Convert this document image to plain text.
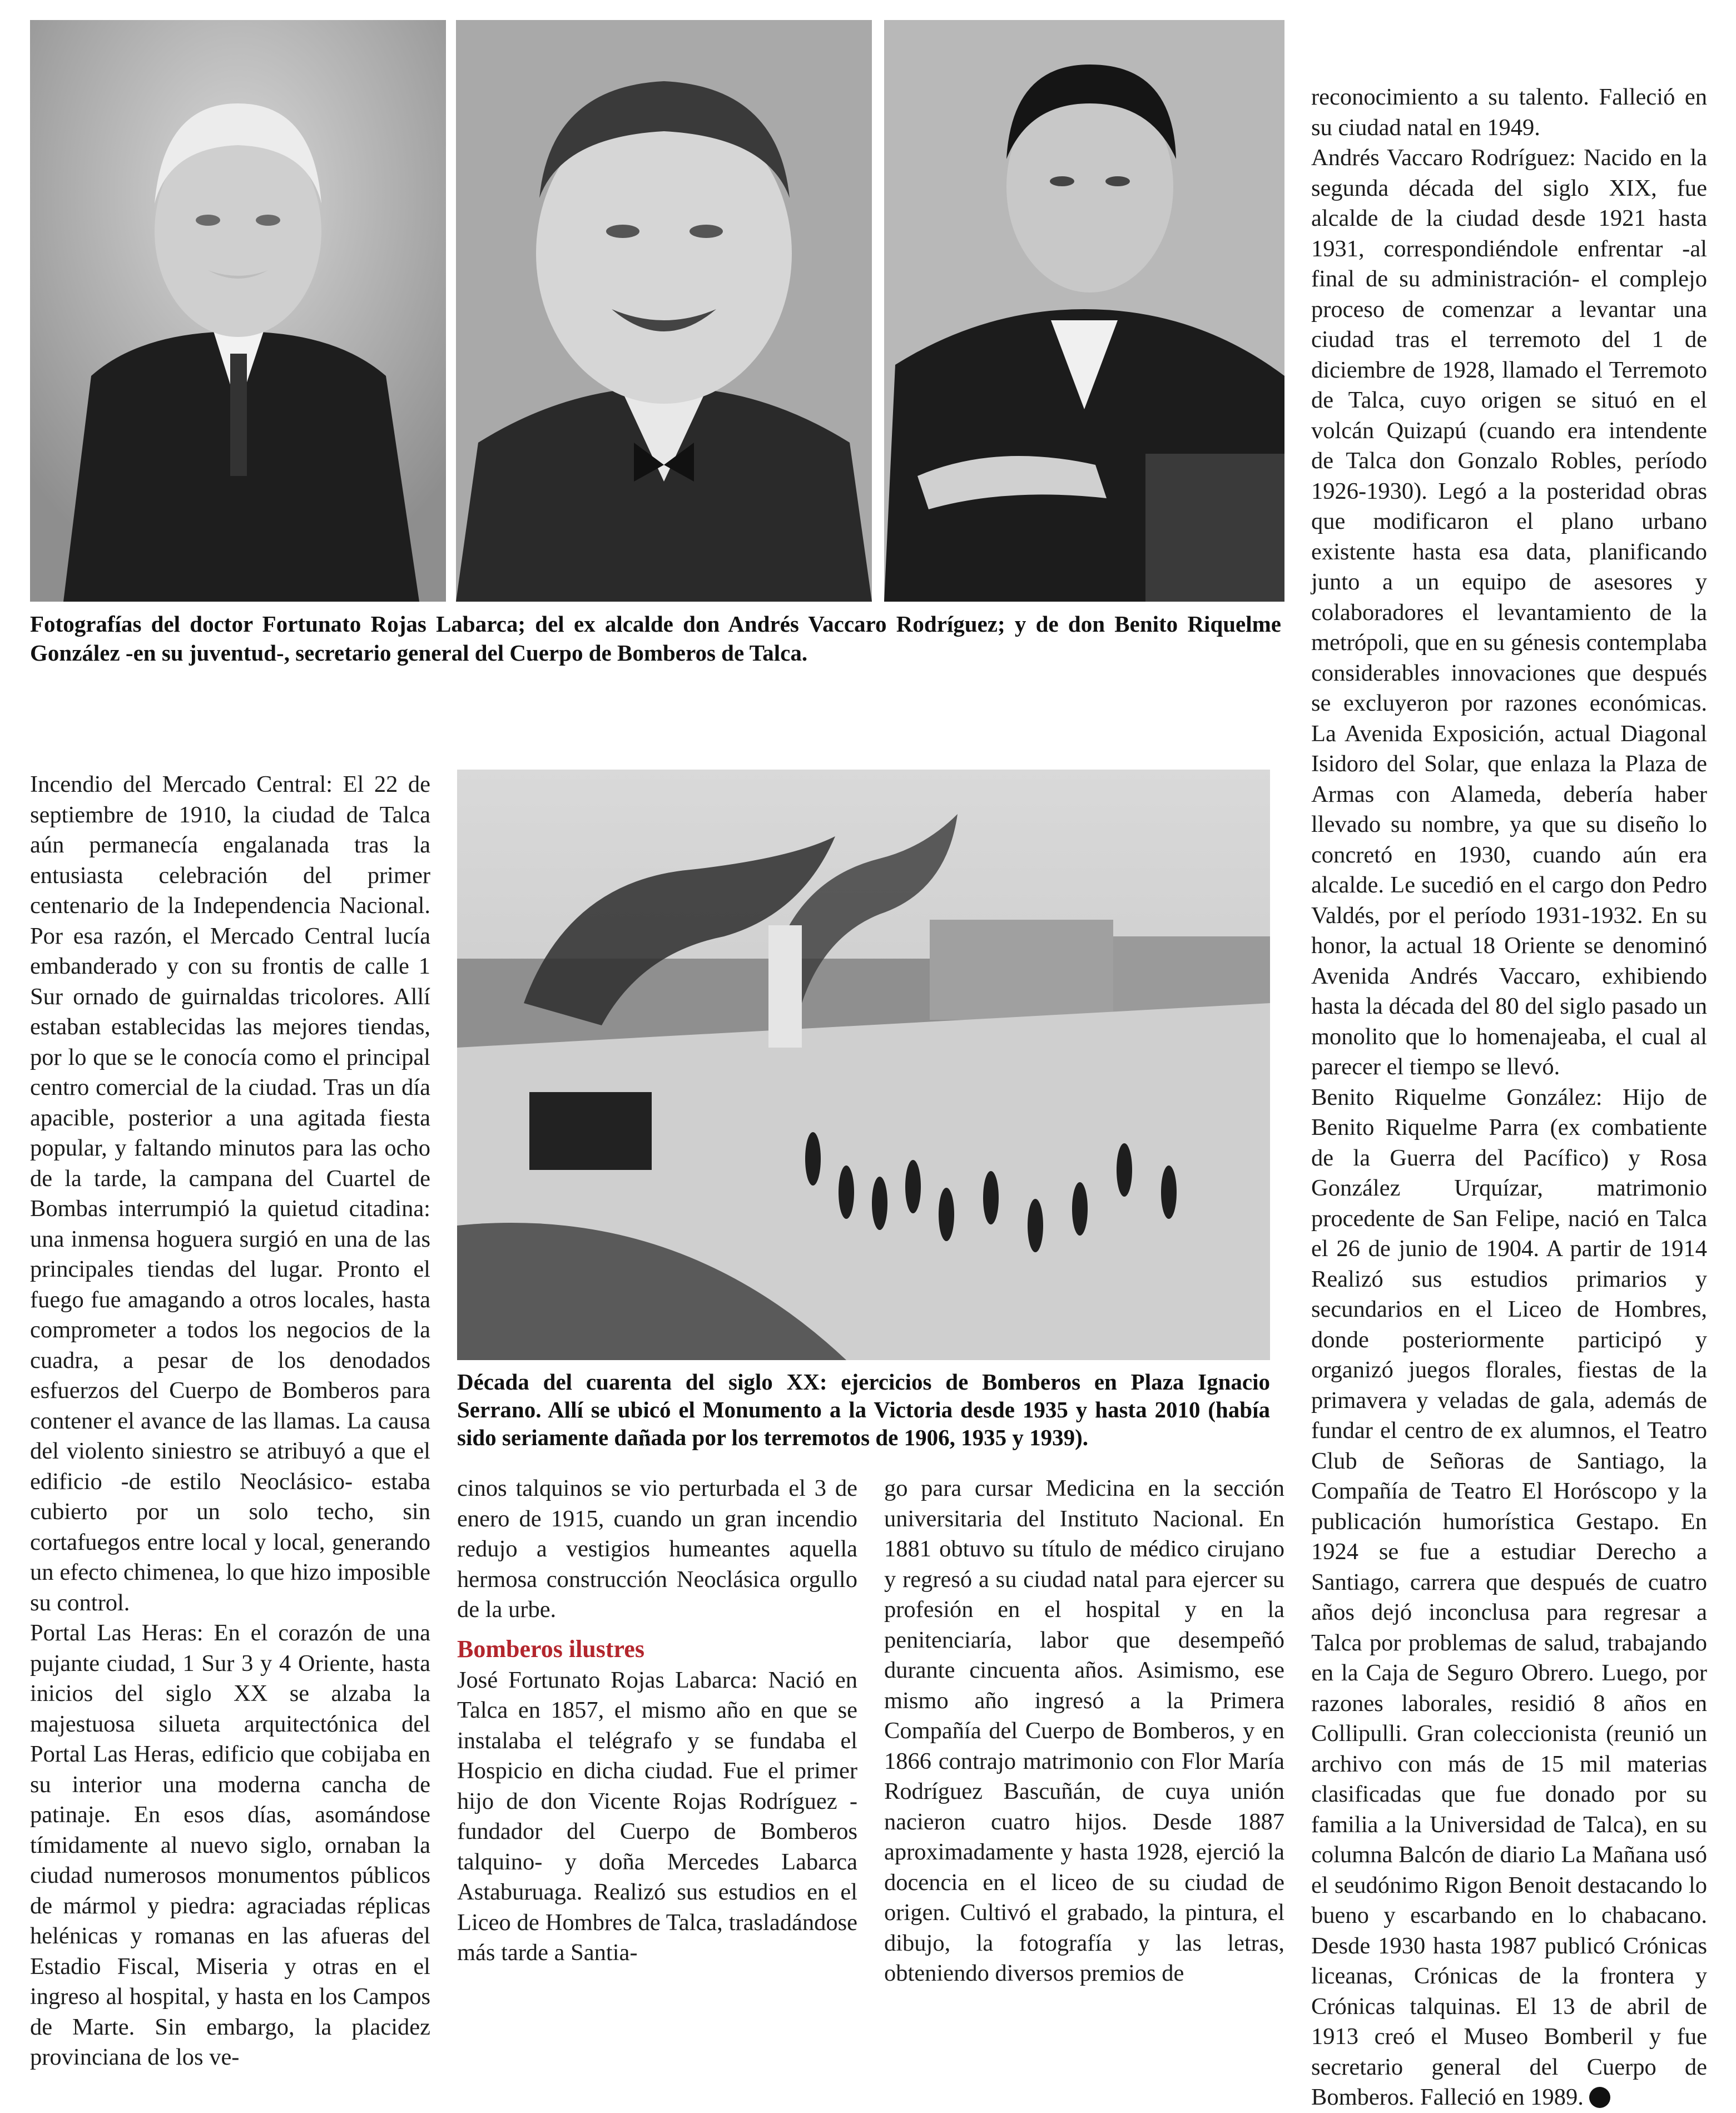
Fotografías del doctor Fortunato Rojas Labarca; del ex alcalde don Andrés Vaccaro Rodríguez; y de don Benito Riquelme González -en su juventud-, secretario general del Cuerpo de Bomberos de Talca.

Década del cuarenta del siglo XX: ejercicios de Bomberos en Plaza Ignacio Serrano. Allí se ubicó el Monumento a la Victoria desde 1935 y hasta 2010 (había sido seriamente dañada por los terremotos de 1906, 1935 y 1939).

Incendio del Mercado Central: El 22 de septiembre de 1910, la ciudad de Talca aún permanecía engalanada tras la entusiasta celebración del primer centenario de la Independencia Nacional. Por esa razón, el Mercado Central lucía embanderado y con su frontis de calle 1 Sur ornado de guirnaldas tricolores. Allí estaban establecidas las mejores tiendas, por lo que se le conocía como el principal centro comercial de la ciudad. Tras un día apacible, posterior a una agitada fiesta popular, y faltando minutos para las ocho de la tarde, la campana del Cuartel de Bombas interrumpió la quietud citadina: una inmensa hoguera surgió en una de las principales tiendas del lugar. Pronto el fuego fue amagando a otros locales, hasta comprometer a todos los negocios de la cuadra, a pesar de los denodados esfuerzos del Cuerpo de Bomberos para contener el avance de las llamas. La causa del violento siniestro se atribuyó a que el edificio -de estilo Neoclásico- estaba cubierto por un solo techo, sin cortafuegos entre local y local, generando un efecto chimenea, lo que hizo imposible su control.

Portal Las Heras: En el corazón de una pujante ciudad, 1 Sur 3 y 4 Oriente, hasta inicios del siglo XX se alzaba la majestuosa silueta arquitectónica del Portal Las Heras, edificio que cobijaba en su interior una moderna cancha de patinaje. En esos días, asomándose tímidamente al nuevo siglo, ornaban la ciudad numerosos monumentos públicos de mármol y piedra: agraciadas réplicas helénicas y romanas en las afueras del Estadio Fiscal, Miseria y otras en el ingreso al hospital, y hasta en los Campos de Marte. Sin embargo, la placidez provinciana de los ve-

cinos talquinos se vio perturbada el 3 de enero de 1915, cuando un gran incendio redujo a vestigios humeantes aquella hermosa construcción Neoclásica orgullo de la urbe.

Bomberos ilustres

José Fortunato Rojas Labarca: Nació en Talca en 1857, el mismo año en que se instalaba el telégrafo y se fundaba el Hospicio en dicha ciudad. Fue el primer hijo de don Vicente Rojas Rodríguez -fundador del Cuerpo de Bomberos talquino- y doña Mercedes Labarca Astaburuaga. Realizó sus estudios en el Liceo de Hombres de Talca, trasladándose más tarde a Santia-

go para cursar Medicina en la sección universitaria del Instituto Nacional. En 1881 obtuvo su título de médico cirujano y regresó a su ciudad natal para ejercer su profesión en el hospital y en la penitenciaría, labor que desempeñó durante cincuenta años. Asimismo, ese mismo año ingresó a la Primera Compañía del Cuerpo de Bomberos, y en 1866 contrajo matrimonio con Flor María Rodríguez Bascuñán, de cuya unión nacieron cuatro hijos. Desde 1887 aproximadamente y hasta 1928, ejerció la docencia en el liceo de su ciudad de origen. Cultivó el grabado, la pintura, el dibujo, la fotografía y las letras, obteniendo diversos premios de

reconocimiento a su talento. Falleció en su ciudad natal en 1949.

Andrés Vaccaro Rodríguez: Nacido en la segunda década del siglo XIX, fue alcalde de la ciudad desde 1921 hasta 1931, correspondiéndole enfrentar -al final de su administración- el complejo proceso de comenzar a levantar una ciudad tras el terremoto del 1 de diciembre de 1928, llamado el Terremoto de Talca, cuyo origen se situó en el volcán Quizapú (cuando era intendente de Talca don Gonzalo Robles, período 1926-1930). Legó a la posteridad obras que modificaron el plano urbano existente hasta esa data, planificando junto a un equipo de asesores y colaboradores el levantamiento de la metrópoli, que en su génesis contemplaba considerables innovaciones que después se excluyeron por razones económicas. La Avenida Exposición, actual Diagonal Isidoro del Solar, que enlaza la Plaza de Armas con Alameda, debería haber llevado su nombre, ya que su diseño lo concretó en 1930, cuando aún era alcalde. Le sucedió en el cargo don Pedro Valdés, por el período 1931-1932. En su honor, la actual 18 Oriente se denominó Avenida Andrés Vaccaro, exhibiendo hasta la década del 80 del siglo pasado un monolito que lo homenajeaba, el cual al parecer el tiempo se llevó.

Benito Riquelme González: Hijo de Benito Riquelme Parra (ex combatiente de la Guerra del Pacífico) y Rosa González Urquízar, matrimonio procedente de San Felipe, nació en Talca el 26 de junio de 1904. A partir de 1914 Realizó sus estudios primarios y secundarios en el Liceo de Hombres, donde posteriormente participó y organizó juegos florales, fiestas de la primavera y veladas de gala, además de fundar el centro de ex alumnos, el Teatro Club de Señoras de Santiago, la Compañía de Teatro El Horóscopo y la publicación humorística Gestapo. En 1924 se fue a estudiar Derecho a Santiago, carrera que después de cuatro años dejó inconclusa para regresar a Talca por problemas de salud, trabajando en la Caja de Seguro Obrero. Luego, por razones laborales, residió 8 años en Collipulli. Gran coleccionista (reunió un archivo con más de 15 mil materias clasificadas que fue donado por su familia a la Universidad de Talca), en su columna Balcón de diario La Mañana usó el seudónimo Rigon Benoit destacando lo bueno y escarbando en lo chabacano. Desde 1930 hasta 1987 publicó Crónicas liceanas, Crónicas de la frontera y Crónicas talquinas. El 13 de abril de 1913 creó el Museo Bomberil y fue secretario general del Cuerpo de Bomberos. Falleció en 1989.
